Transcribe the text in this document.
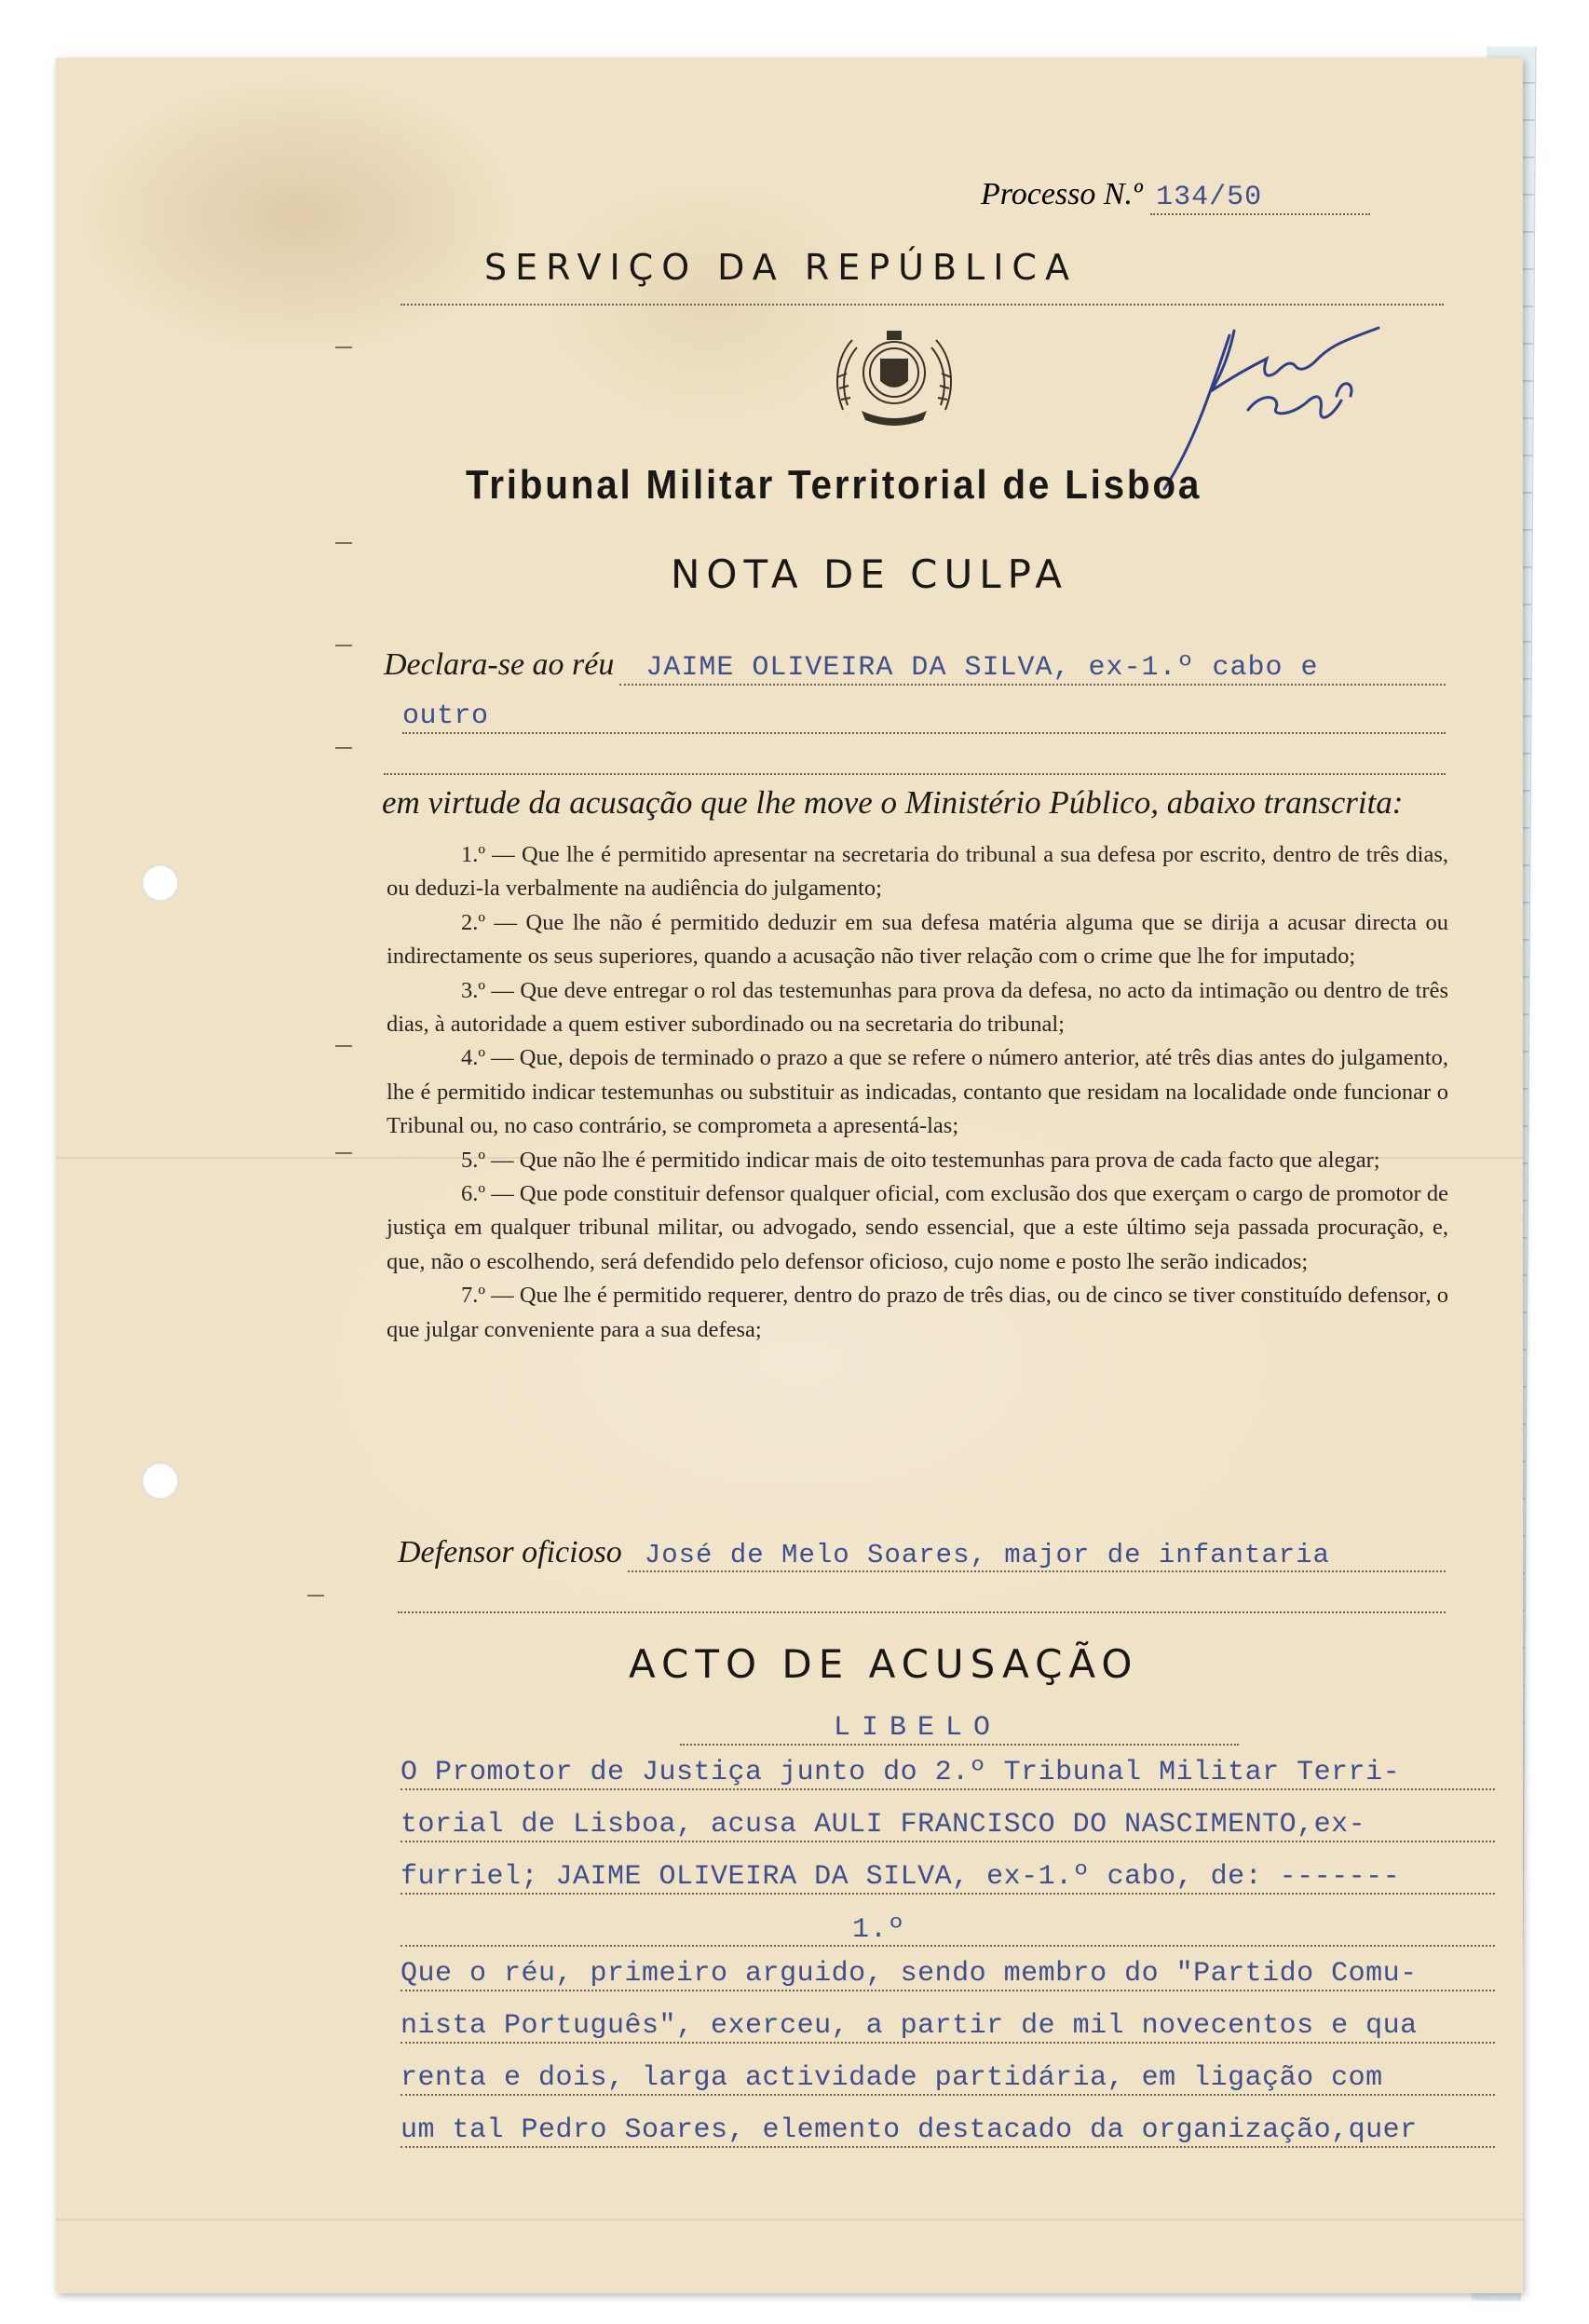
Processo N.º 134/50
SERVIÇO DA REPÚBLICA
Tribunal Militar Territorial de Lisboa
NOTA DE CULPA
Declara-se ao réu	JAIME OLIVEIRA DA SILVA, ex-1.º cabo e
outro
em virtude da acusação que lhe move o Ministério Público, abaixo transcrita:

1.º — Que lhe é permitido apresentar na secretaria do tribunal a sua defesa por escrito, dentro de três dias, ou deduzi-la verbalmente na audiência do julgamento;

2.º — Que lhe não é permitido deduzir em sua defesa matéria alguma que se dirija a acusar directa ou indirectamente os seus superiores, quando a acusação não tiver relação com o crime que lhe for imputado;

3.º — Que deve entregar o rol das testemunhas para prova da defesa, no acto da intimação ou dentro de três dias, à autoridade a quem estiver subordinado ou na secretaria do tribunal;

4.º — Que, depois de terminado o prazo a que se refere o número anterior, até três dias antes do julgamento, lhe é permitido indicar testemunhas ou substituir as indicadas, contanto que residam na localidade onde funcionar o Tribunal ou, no caso contrário, se comprometa a apresentá-las;

5.º — Que não lhe é permitido indicar mais de oito testemunhas para prova de cada facto que alegar;

6.º — Que pode constituir defensor qualquer oficial, com exclusão dos que exerçam o cargo de promotor de justiça em qualquer tribunal militar, ou advogado, sendo essencial, que a este último seja passada procuração, e, que, não o escolhendo, será defendido pelo defensor oficioso, cujo nome e posto lhe serão indicados;

7.º — Que lhe é permitido requerer, dentro do prazo de três dias, ou de cinco se tiver constituído defensor, o que julgar conveniente para a sua defesa;

Defensor oficioso José de Melo Soares, major de infantaria
ACTO DE ACUSAÇÃO
LIBELO
O Promotor de Justiça junto do 2.º Tribunal Militar Terri-
torial de Lisboa, acusa AULI FRANCISCO DO NASCIMENTO,ex-
furriel; JAIME OLIVEIRA DA SILVA, ex-1.º cabo, de: -------
1.º
Que o réu, primeiro arguido, sendo membro do "Partido Comu-
nista Português", exerceu, a partir de mil novecentos e qua
renta e dois, larga actividade partidária, em ligação com
um tal Pedro Soares, elemento destacado da organização,quer
